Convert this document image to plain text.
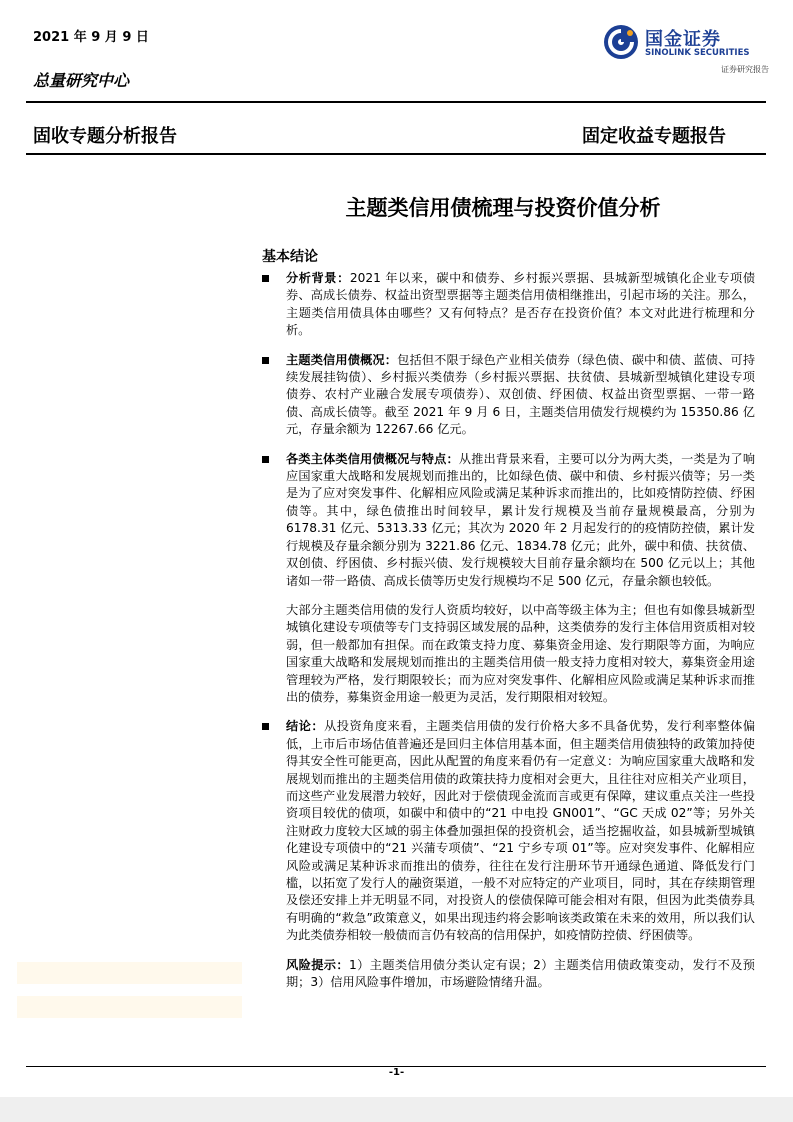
2021 年 9 月 9 日
总量研究中心
国金证券
SINOLINK SECURITIES
证券研究报告
固收专题分析报告	固定收益专题报告
主题类信用债梳理与投资价值分析
基本结论
分析背景：2021 年以来，碳中和债券、乡村振兴票据、县城新型城镇化企业专项债券、高成长债券、权益出资型票据等主题类信用债相继推出，引起市场的关注。那么，主题类信用债具体由哪些？又有何特点？是否存在投资价值？本文对此进行梳理和分析。
主题类信用债概况：包括但不限于绿色产业相关债券（绿色债、碳中和债、蓝债、可持续发展挂钩债）、乡村振兴类债券（乡村振兴票据、扶贫债、县城新型城镇化建设专项债券、农村产业融合发展专项债券）、双创债、纾困债、权益出资型票据、一带一路债、高成长债等。截至 2021 年 9 月 6 日，主题类信用债发行规模约为 15350.86 亿元，存量余额为 12267.66 亿元。
各类主体类信用债概况与特点：从推出背景来看，主要可以分为两大类，一类是为了响应国家重大战略和发展规划而推出的，比如绿色债、碳中和债、乡村振兴债等；另一类是为了应对突发事件、化解相应风险或满足某种诉求而推出的，比如疫情防控债、纾困债等。其中，绿色债推出时间较早，累计发行规模及当前存量规模最高，分别为 6178.31 亿元、5313.33 亿元；其次为 2020 年 2 月起发行的的疫情防控债，累计发行规模及存量余额分别为 3221.86 亿元、1834.78 亿元；此外，碳中和债、扶贫债、双创债、纾困债、乡村振兴债、发行规模较大目前存量余额均在 500 亿元以上；其他诸如一带一路债、高成长债等历史发行规模均不足 500 亿元，存量余额也较低。
大部分主题类信用债的发行人资质均较好，以中高等级主体为主；但也有如像县城新型城镇化建设专项债等专门支持弱区域发展的品种，这类债券的发行主体信用资质相对较弱，但一般都加有担保。而在政策支持力度、募集资金用途、发行期限等方面，为响应国家重大战略和发展规划而推出的主题类信用债一般支持力度相对较大，募集资金用途管理较为严格，发行期限较长；而为应对突发事件、化解相应风险或满足某种诉求而推出的债券，募集资金用途一般更为灵活，发行期限相对较短。
结论：从投资角度来看，主题类信用债的发行价格大多不具备优势，发行利率整体偏低，上市后市场估值普遍还是回归主体信用基本面，但主题类信用债独特的政策加持使得其安全性可能更高，因此从配置的角度来看仍有一定意义：为响应国家重大战略和发展规划而推出的主题类信用债的政策扶持力度相对会更大，且往往对应相关产业项目，而这些产业发展潜力较好，因此对于偿债现金流而言或更有保障，建议重点关注一些投资项目较优的债项，如碳中和债中的“21 中电投 GN001”、“GC 天成 02”等；另外关注财政力度较大区域的弱主体叠加强担保的投资机会，适当挖掘收益，如县城新型城镇化建设专项债中的“21 兴蒲专项债”、“21 宁乡专项 01”等。应对突发事件、化解相应风险或满足某种诉求而推出的债券，往往在发行注册环节开通绿色通道、降低发行门槛，以拓宽了发行人的融资渠道，一般不对应特定的产业项目，同时，其在存续期管理及偿还安排上并无明显不同，对投资人的偿债保障可能会相对有限，但因为此类债券具有明确的“救急”政策意义，如果出现违约将会影响该类政策在未来的效用，所以我们认为此类债券相较一般债而言仍有较高的信用保护，如疫情防控债、纾困债等。
风险提示：1）主题类信用债分类认定有误；2）主题类信用债政策变动，发行不及预期；3）信用风险事件增加，市场避险情绪升温。
-1-
